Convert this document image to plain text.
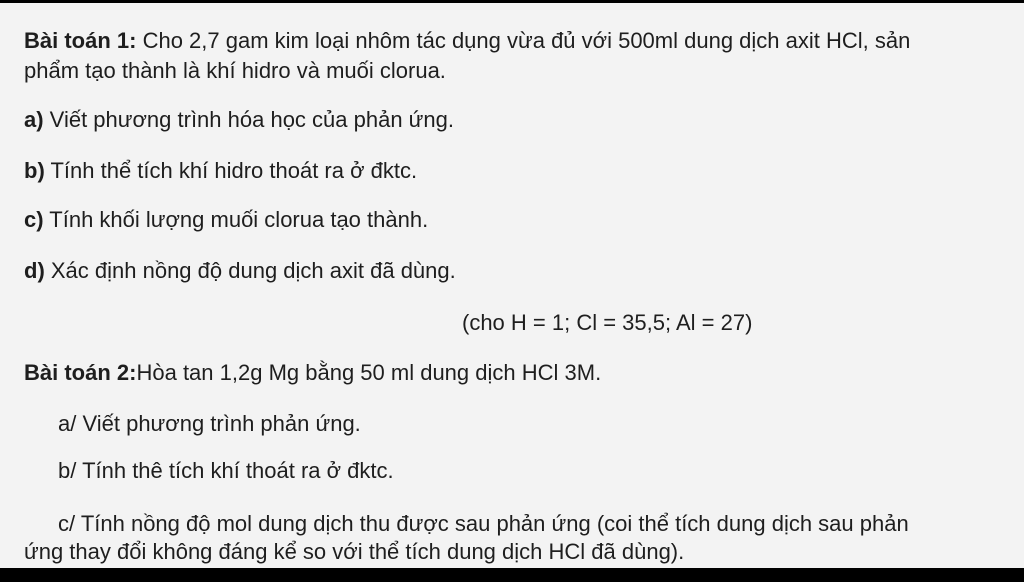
Bài toán 1: Cho 2,7 gam kim loại nhôm tác dụng vừa đủ với 500ml dung dịch axit HCl, sản

phẩm tạo thành là khí hidro và muối clorua.

a) Viết phương trình hóa học của phản ứng.

b) Tính thể tích khí hidro thoát ra ở đktc.

c) Tính khối lượng muối clorua tạo thành.

d) Xác định nồng độ dung dịch axit đã dùng.

(cho H = 1; Cl = 35,5; Al = 27)

Bài toán 2:Hòa tan 1,2g Mg bằng 50 ml dung dịch HCl 3M.

a/ Viết phương trình phản ứng.

b/ Tính thê tích khí thoát ra ở đktc.

c/ Tính nồng độ mol dung dịch thu được sau phản ứng (coi thể tích dung dịch sau phản

ứng thay đổi không đáng kể so với thể tích dung dịch HCl đã dùng).
